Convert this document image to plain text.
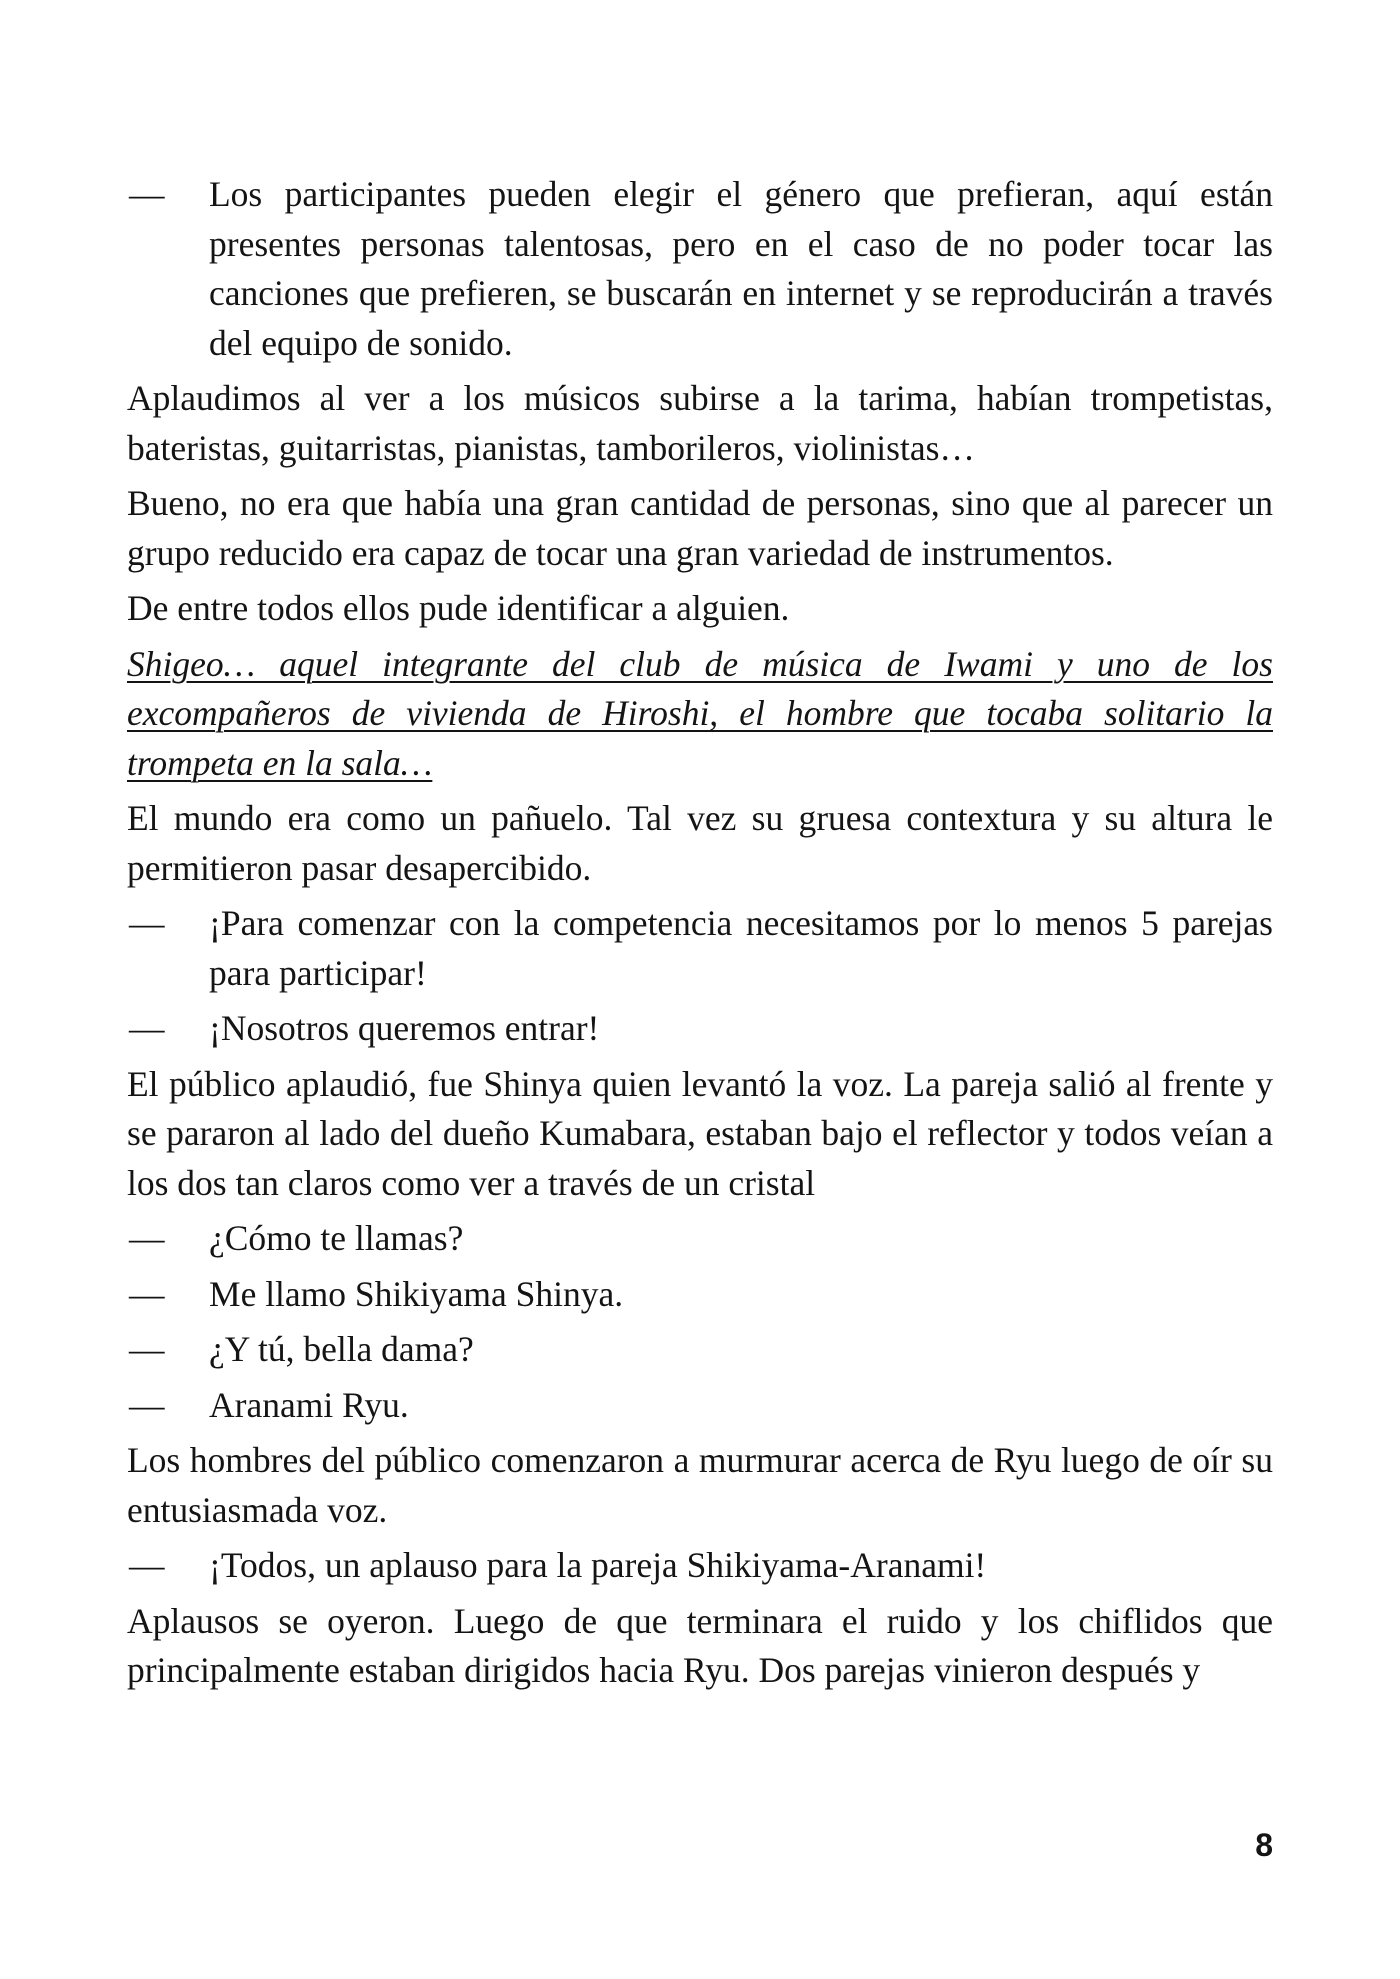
— Los participantes pueden elegir el género que prefieran, aquí están presentes personas talentosas, pero en el caso de no poder tocar las canciones que prefieren, se buscarán en internet y se reproducirán a través del equipo de sonido.

Aplaudimos al ver a los músicos subirse a la tarima, habían trompetistas, bateristas, guitarristas, pianistas, tamborileros, violinistas…

Bueno, no era que había una gran cantidad de personas, sino que al parecer un grupo reducido era capaz de tocar una gran variedad de instrumentos.

De entre todos ellos pude identificar a alguien.

Shigeo… aquel integrante del club de música de Iwami y uno de los excompañeros de vivienda de Hiroshi, el hombre que tocaba solitario la trompeta en la sala…

El mundo era como un pañuelo. Tal vez su gruesa contextura y su altura le permitieron pasar desapercibido.

— ¡Para comenzar con la competencia necesitamos por lo menos 5 parejas para participar!

— ¡Nosotros queremos entrar!

El público aplaudió, fue Shinya quien levantó la voz. La pareja salió al frente y se pararon al lado del dueño Kumabara, estaban bajo el reflector y todos veían a los dos tan claros como ver a través de un cristal

— ¿Cómo te llamas?

— Me llamo Shikiyama Shinya.

— ¿Y tú, bella dama?

— Aranami Ryu.

Los hombres del público comenzaron a murmurar acerca de Ryu luego de oír su entusiasmada voz.

— ¡Todos, un aplauso para la pareja Shikiyama-Aranami!

Aplausos se oyeron. Luego de que terminara el ruido y los chiflidos que principalmente estaban dirigidos hacia Ryu. Dos parejas vinieron después y

8
